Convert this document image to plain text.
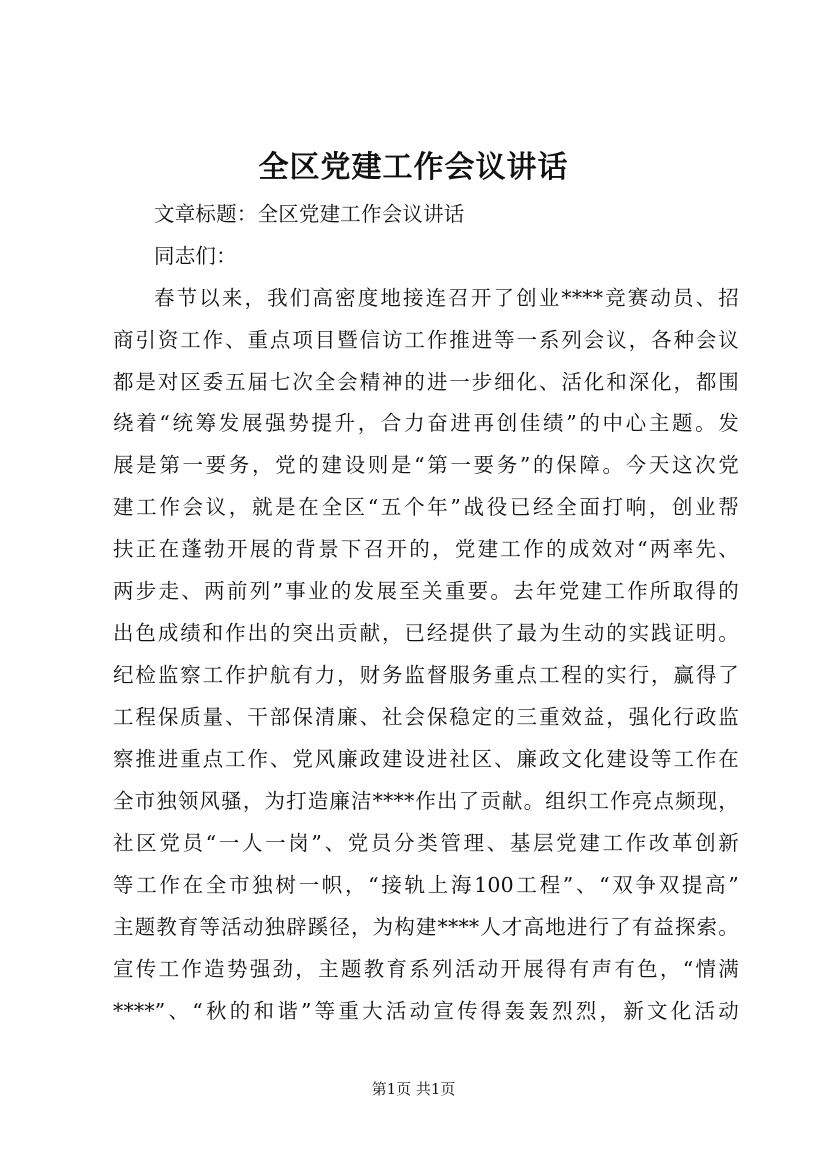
全区党建工作会议讲话
文章标题：全区党建工作会议讲话
同志们：
春节以来，我们高密度地接连召开了创业****竞赛动员、招
商引资工作、重点项目暨信访工作推进等一系列会议，各种会议
都是对区委五届七次全会精神的进一步细化、活化和深化，都围
绕着“统筹发展强势提升，合力奋进再创佳绩”的中心主题。发
展是第一要务，党的建设则是“第一要务”的保障。今天这次党
建工作会议，就是在全区“五个年”战役已经全面打响，创业帮
扶正在蓬勃开展的背景下召开的，党建工作的成效对“两率先、
两步走、两前列”事业的发展至关重要。去年党建工作所取得的
出色成绩和作出的突出贡献，已经提供了最为生动的实践证明。
纪检监察工作护航有力，财务监督服务重点工程的实行，赢得了
工程保质量、干部保清廉、社会保稳定的三重效益，强化行政监
察推进重点工作、党风廉政建设进社区、廉政文化建设等工作在
全市独领风骚，为打造廉洁****作出了贡献。组织工作亮点频现，
社区党员“一人一岗”、党员分类管理、基层党建工作改革创新
等工作在全市独树一帜，“接轨上海100工程”、“双争双提高”
主题教育等活动独辟蹊径，为构建****人才高地进行了有益探索。
宣传工作造势强劲，主题教育系列活动开展得有声有色，“情满
****”、“秋的和谐”等重大活动宣传得轰轰烈烈，新文化活动
第1页 共1页
